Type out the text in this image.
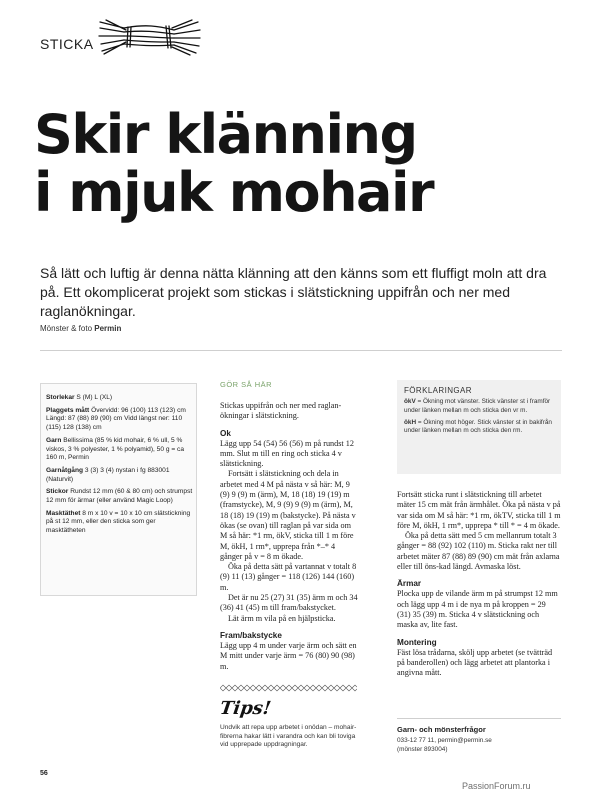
STICKA
Skir klänning
i mjuk mohair
Så lätt och luftig är denna nätta klänning att den känns som ett fluffigt moln att dra på. Ett okomplicerat projekt som stickas i slätstickning uppifrån och ner med raglanökningar.
Mönster & foto Permin

Storlekar S (M) L (XL)

Plaggets mått Övervidd: 96 (100) 113 (123) cm Längd: 87 (88) 89 (90) cm Vidd längst ner: 110 (115) 128 (138) cm

Garn Bellissima (85 % kid mohair, 6 % ull, 5 % viskos, 3 % polyester, 1 % polyamid), 50 g = ca 160 m, Permin

Garnåtgång 3 (3) 3 (4) nystan i fg 883001 (Naturvit)

Stickor Rundst 12 mm (60 & 80 cm) och strumpst 12 mm för ärmar (eller använd Magic Loop)

Masktäthet 8 m x 10 v = 10 x 10 cm slätstickning på st 12 mm, eller den sticka som ger masktätheten

GÖR SÅ HÄR

Stickas uppifrån och ner med raglan-ökningar i slätstickning.

Ok

Lägg upp 54 (54) 56 (56) m på rundst 12 mm. Slut m till en ring och sticka 4 v slätstickning.

Fortsätt i slätstickning och dela in arbetet med 4 M på nästa v så här: M, 9 (9) 9 (9) m (ärm), M, 18 (18) 19 (19) m (framstycke), M, 9 (9) 9 (9) m (ärm), M, 18 (18) 19 (19) m (bakstycke). På nästa v ökas (se ovan) till raglan på var sida om M så här: *1 rm, ökV, sticka till 1 m före M, ökH, 1 rm*, upprepa från *–* 4 gånger på v = 8 m ökade.

Öka på detta sätt på vartannat v totalt 8 (9) 11 (13) gånger = 118 (126) 144 (160) m.

Det är nu 25 (27) 31 (35) ärm m och 34 (36) 41 (45) m till fram/bakstycket.

Lät ärm m vila på en hjälpsticka.

Fram/bakstycke

Lägg upp 4 m under varje ärm och sätt en M mitt under varje ärm = 76 (80) 90 (98) m.

FÖRKLARINGAR

ökV = Ökning mot vänster. Stick vänster st i framför under länken mellan m och sticka den vr m.

ökH = Ökning mot höger. Stick vänster st in bakifrån under länken mellan m och sticka den rm.

Fortsätt sticka runt i slätstickning till arbetet mäter 15 cm mät från ärmhålet. Öka på nästa v på var sida om M så här: *1 rm, ökTV, sticka till 1 m före M, ökH, 1 rm*, upprepa * till * = 4 m ökade.

Öka på detta sätt med 5 cm mellanrum totalt 3 gånger = 88 (92) 102 (110) m. Sticka rakt ner till arbetet mäter 87 (88) 89 (90) cm mät från axlarna eller till öns-kad längd. Avmaska löst.

Ärmar

Plocka upp de vilande ärm m på strumpst 12 mm och lägg upp 4 m i de nya m på kroppen = 29 (31) 35 (39) m. Sticka 4 v slätstickning och maska av, lite fast.

Montering

Fäst lösa trådarna, skölj upp arbetet (se tvätträd på banderollen) och lägg arbetet att plantorka i angivna mått.

Tips!
Undvik att repa upp arbetet i onödan – mohair-fibrerna hakar lätt i varandra och kan bli toviga vid upprepade uppdragningar.
Garn- och mönsterfrågor
033-12 77 11, permin@permin.se
(mönster 893004)
56
PassionForum.ru
